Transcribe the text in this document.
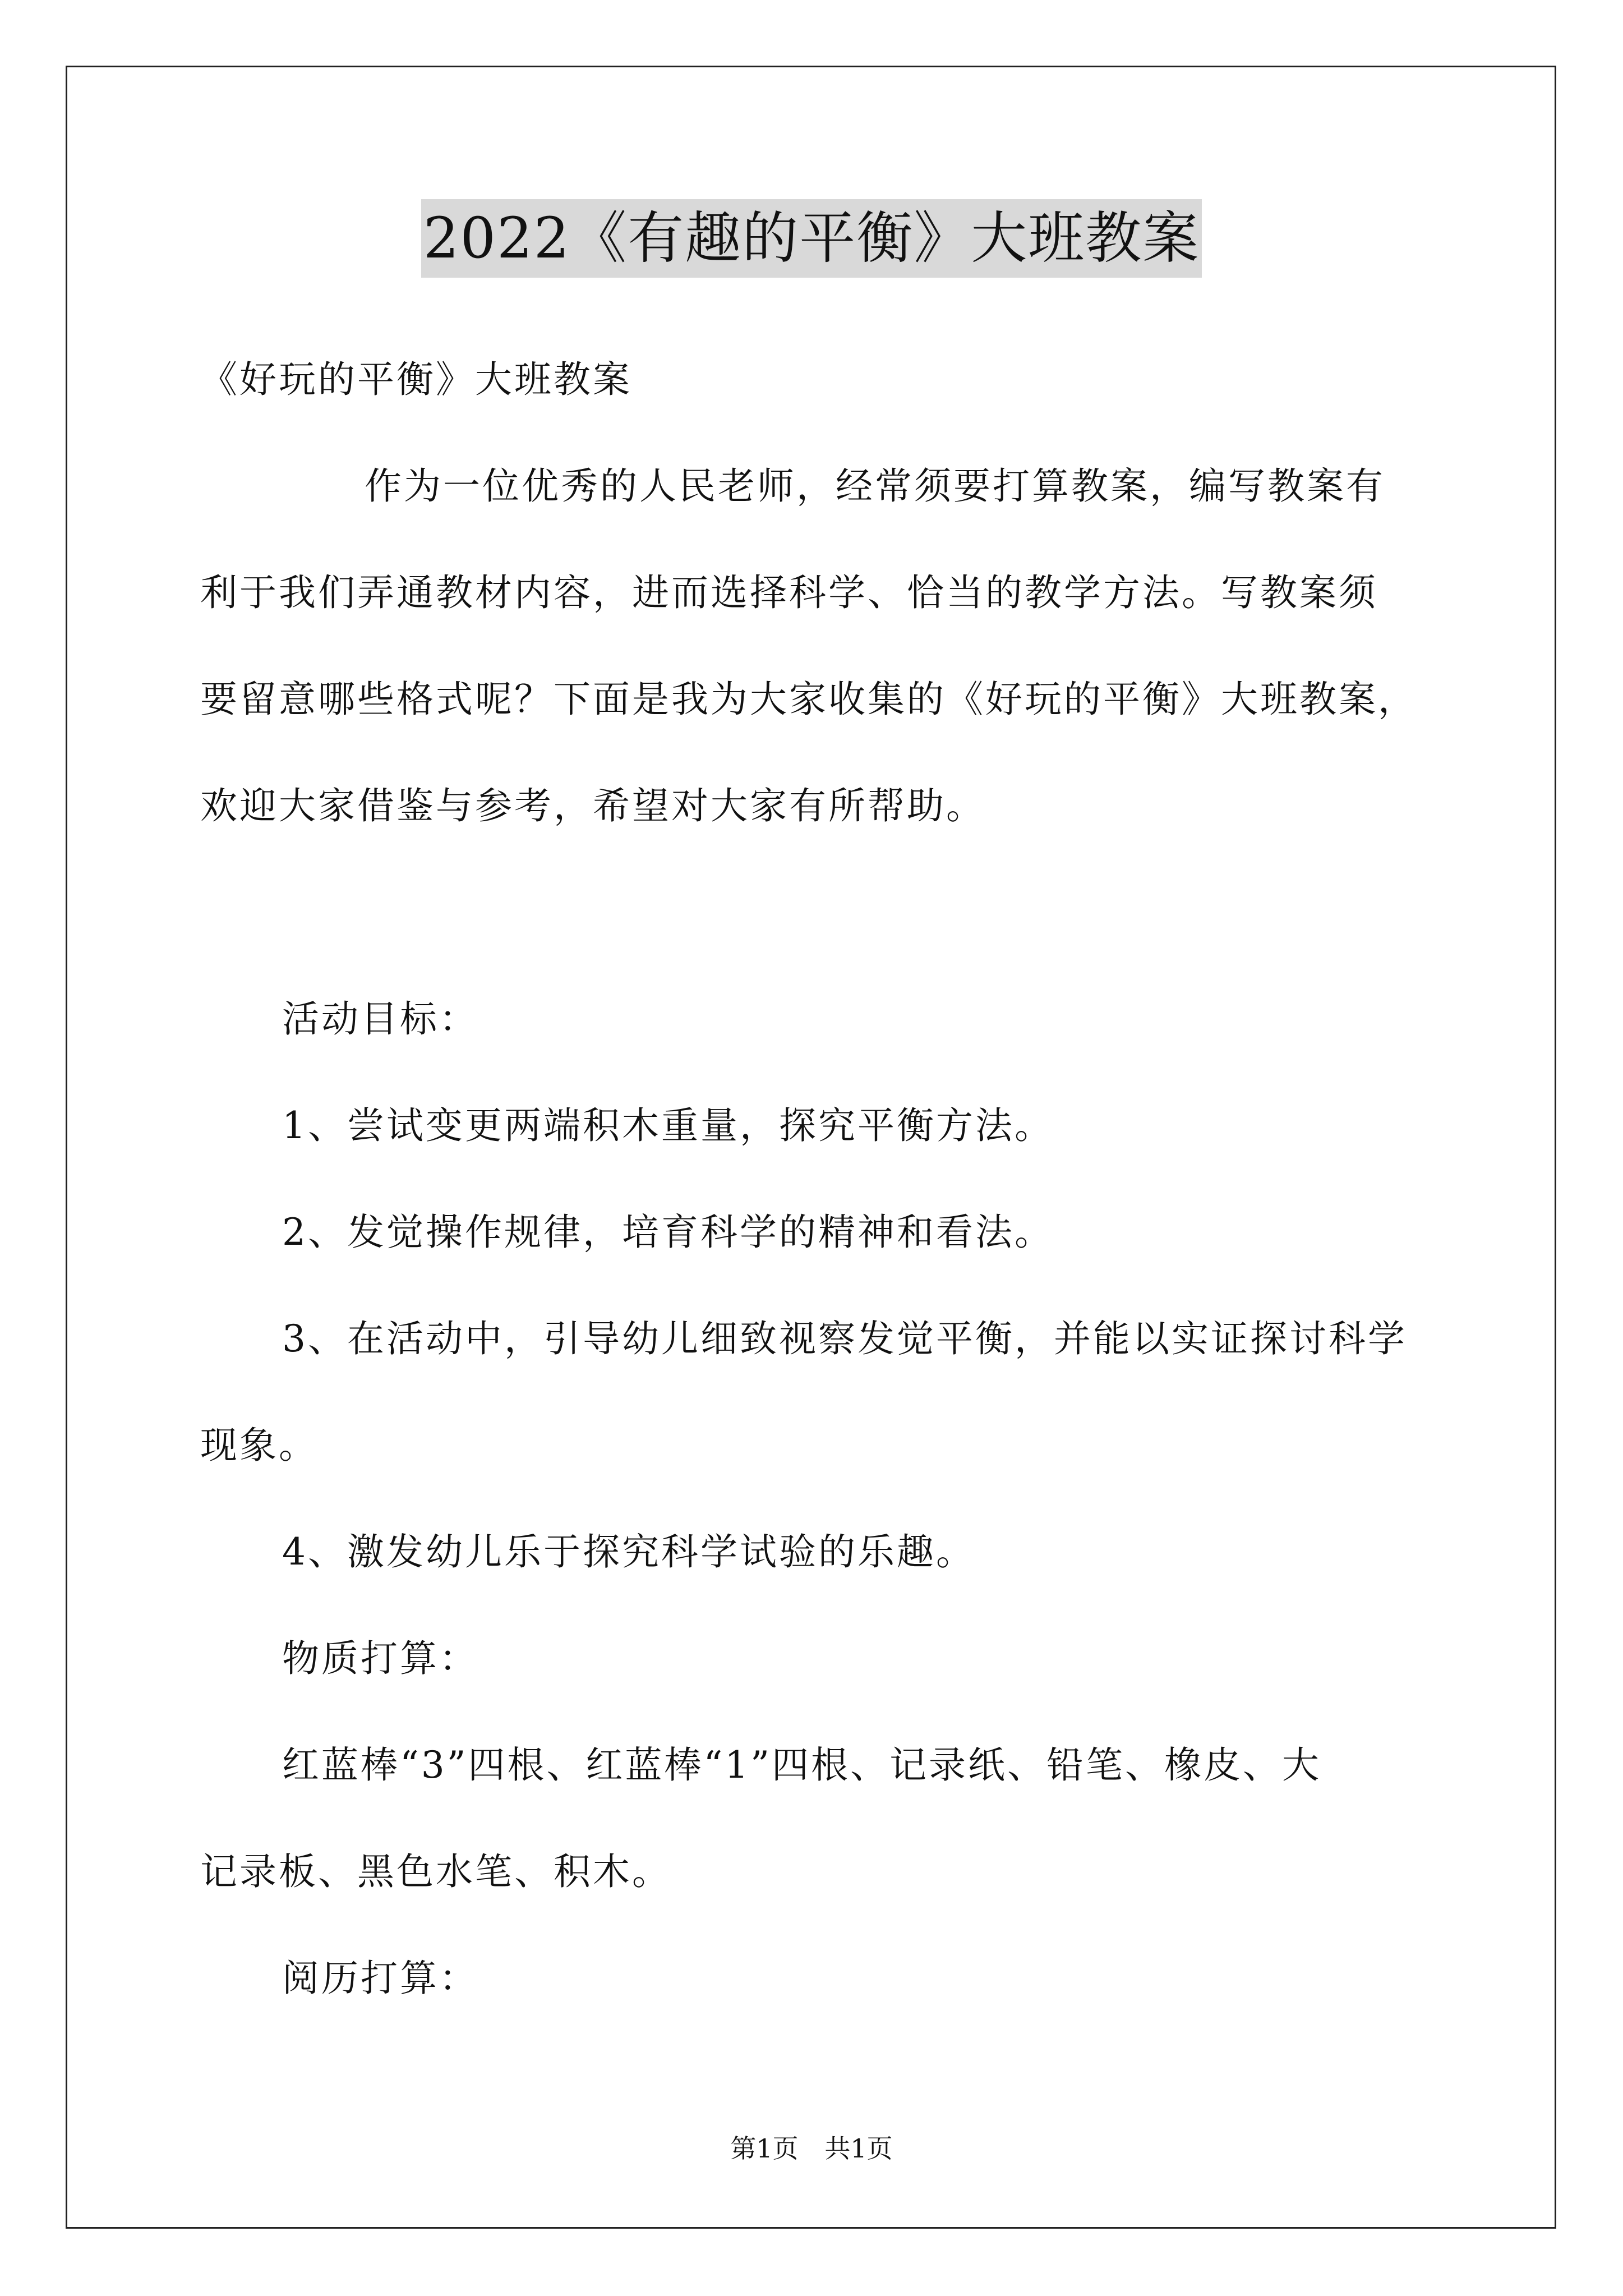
2022《有趣的平衡》大班教案
《好玩的平衡》大班教案
作为一位优秀的人民老师，经常须要打算教案，编写教案有
利于我们弄通教材内容，进而选择科学、恰当的教学方法。写教案须
要留意哪些格式呢？下面是我为大家收集的《好玩的平衡》大班教案，
欢迎大家借鉴与参考，希望对大家有所帮助。
活动目标：
1、尝试变更两端积木重量，探究平衡方法。
2、发觉操作规律，培育科学的精神和看法。
3、在活动中，引导幼儿细致视察发觉平衡，并能以实证探讨科学
现象。
4、激发幼儿乐于探究科学试验的乐趣。
物质打算：
红蓝棒“3”四根、红蓝棒“1”四根、记录纸、铅笔、橡皮、大
记录板、黑色水笔、积木。
阅历打算：
第1页 共1页
